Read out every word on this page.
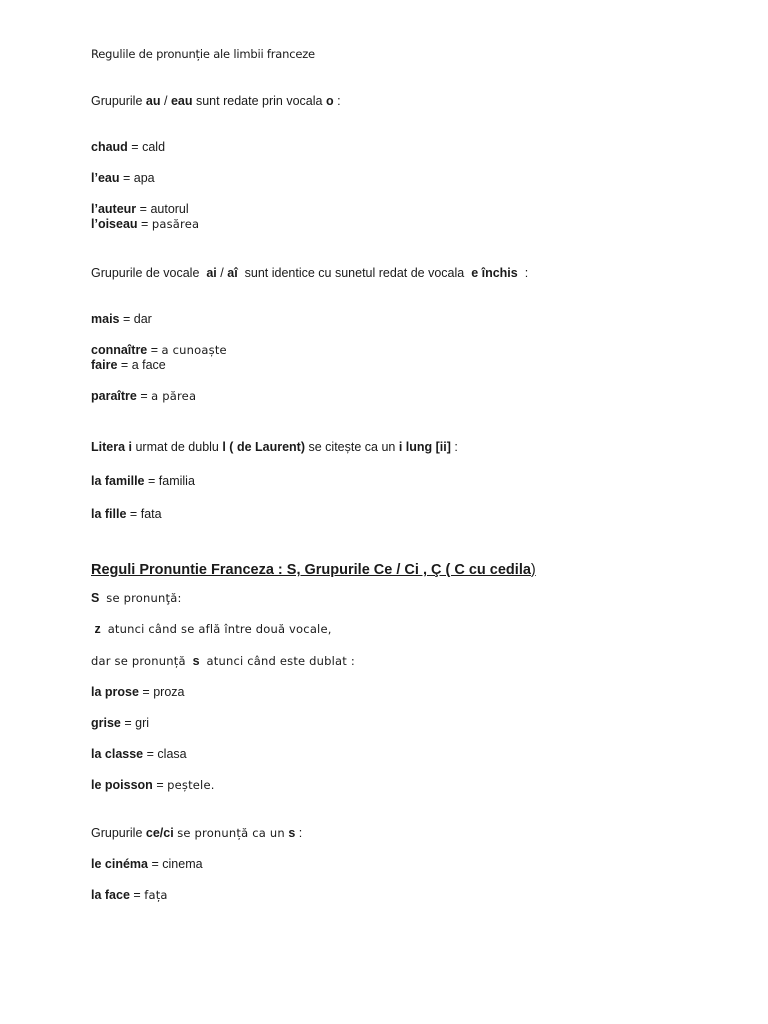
Regulile de pronunție ale limbii franceze
Grupurile au / eau sunt redate prin vocala o :
chaud = cald
l’eau = apa
l’auteur = autorul
l’oiseau = pasărea
Grupurile de vocale ai / aî sunt identice cu sunetul redat de vocala e închis :
mais = dar
connaître = a cunoaște
faire = a face
paraître = a părea
Litera i urmat de dublu l ( de Laurent) se citește ca un i lung [ii] :
la famille = familia
la fille = fata
Reguli Pronuntie Franceza : S, Grupurile Ce / Ci , Ç ( C cu cedila)
S se pronunţă:
z atunci când se află între două vocale,
dar se pronunță s atunci când este dublat :
la prose = proza
grise = gri
la classe = clasa
le poisson = peștele.
Grupurile ce/ci se pronunță ca un s :
le cinéma = cinema
la face = fața
